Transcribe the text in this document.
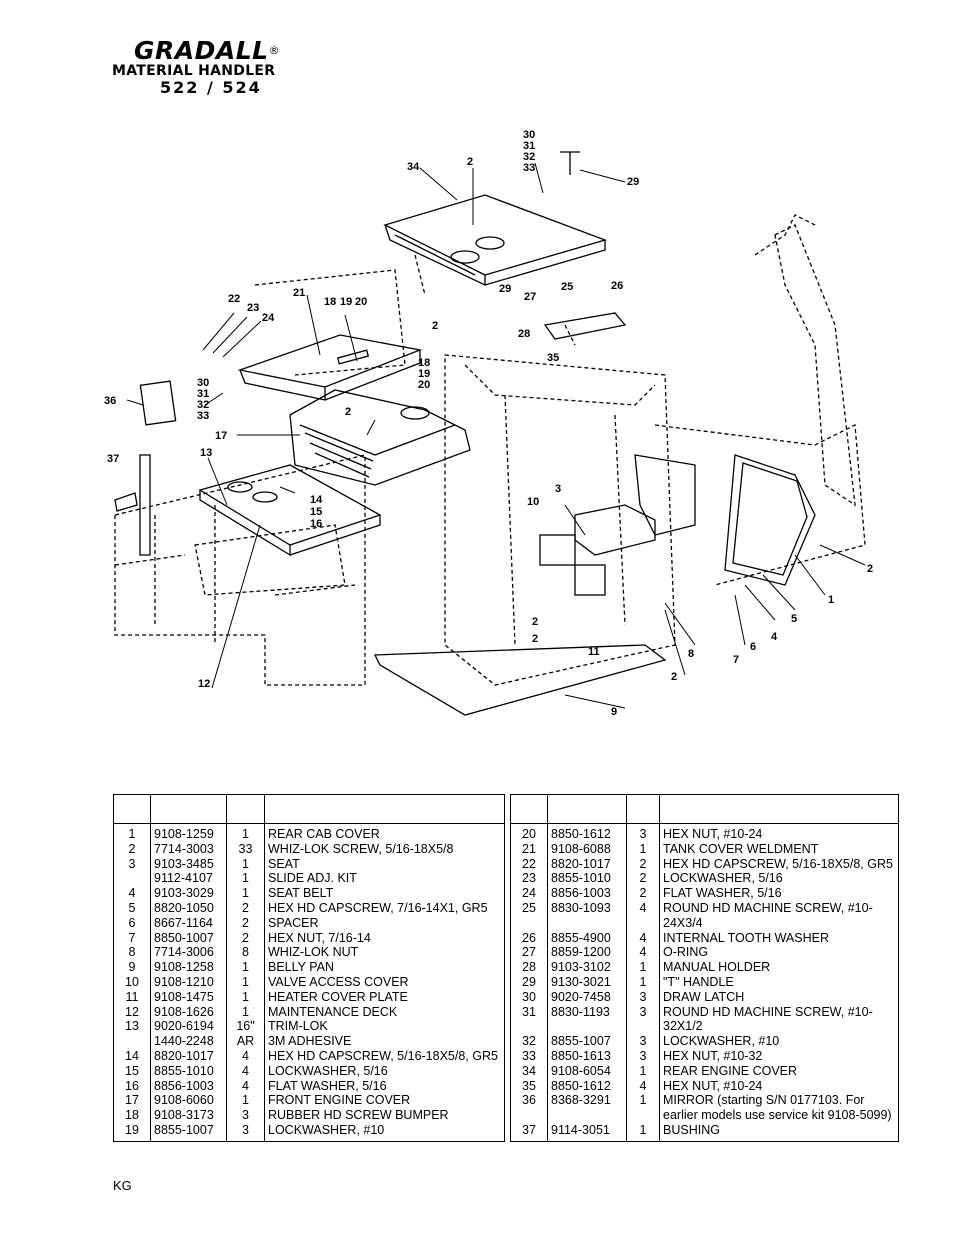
GRADALL®
MATERIAL HANDLER
522 / 524
34	2
30
31
32
33
29
29	25	26
27
28
35
2
21
18 19 20
22
23
24
18
19
20
30
31
32
33
36
2
17
37	13
14
15
16
12
10
3
2
2
11
2
9
8	7
6
4
5
1
2

1	9108-1259	1	REAR CAB COVER
2	7714-3003	33	WHIZ-LOK SCREW, 5/16-18X5/8
3	9103-3485	1	SEAT
	9112-4107	1	SLIDE ADJ. KIT
4	9103-3029	1	SEAT BELT
5	8820-1050	2	HEX HD CAPSCREW, 7/16-14X1, GR5
6	8667-1164	2	SPACER
7	8850-1007	2	HEX NUT, 7/16-14
8	7714-3006	8	WHIZ-LOK NUT
9	9108-1258	1	BELLY PAN
10	9108-1210	1	VALVE ACCESS COVER
11	9108-1475	1	HEATER COVER PLATE
12	9108-1626	1	MAINTENANCE DECK
13	9020-6194	16"	TRIM-LOK
	1440-2248	AR	3M ADHESIVE
14	8820-1017	4	HEX HD CAPSCREW, 5/16-18X5/8, GR5
15	8855-1010	4	LOCKWASHER, 5/16
16	8856-1003	4	FLAT WASHER, 5/16
17	9108-6060	1	FRONT ENGINE COVER
18	9108-3173	3	RUBBER HD SCREW BUMPER
19	8855-1007	3	LOCKWASHER, #10

20	8850-1612	3	HEX NUT, #10-24
21	9108-6088	1	TANK COVER WELDMENT
22	8820-1017	2	HEX HD CAPSCREW, 5/16-18X5/8, GR5
23	8855-1010	2	LOCKWASHER, 5/16
24	8856-1003	2	FLAT WASHER, 5/16
25	8830-1093	4	ROUND HD MACHINE SCREW, #10-24X3/4
26	8855-4900	4	INTERNAL TOOTH WASHER
27	8859-1200	4	O-RING
28	9103-3102	1	MANUAL HOLDER
29	9130-3021	1	"T" HANDLE
30	9020-7458	3	DRAW LATCH
31	8830-1193	3	ROUND HD MACHINE SCREW, #10-32X1/2
32	8855-1007	3	LOCKWASHER, #10
33	8850-1613	3	HEX NUT, #10-32
34	9108-6054	1	REAR ENGINE COVER
35	8850-1612	4	HEX NUT, #10-24
36	8368-3291	1	MIRROR (starting S/N 0177103. For earlier models use service kit 9108-5099)
37	9114-3051	1	BUSHING
KG
